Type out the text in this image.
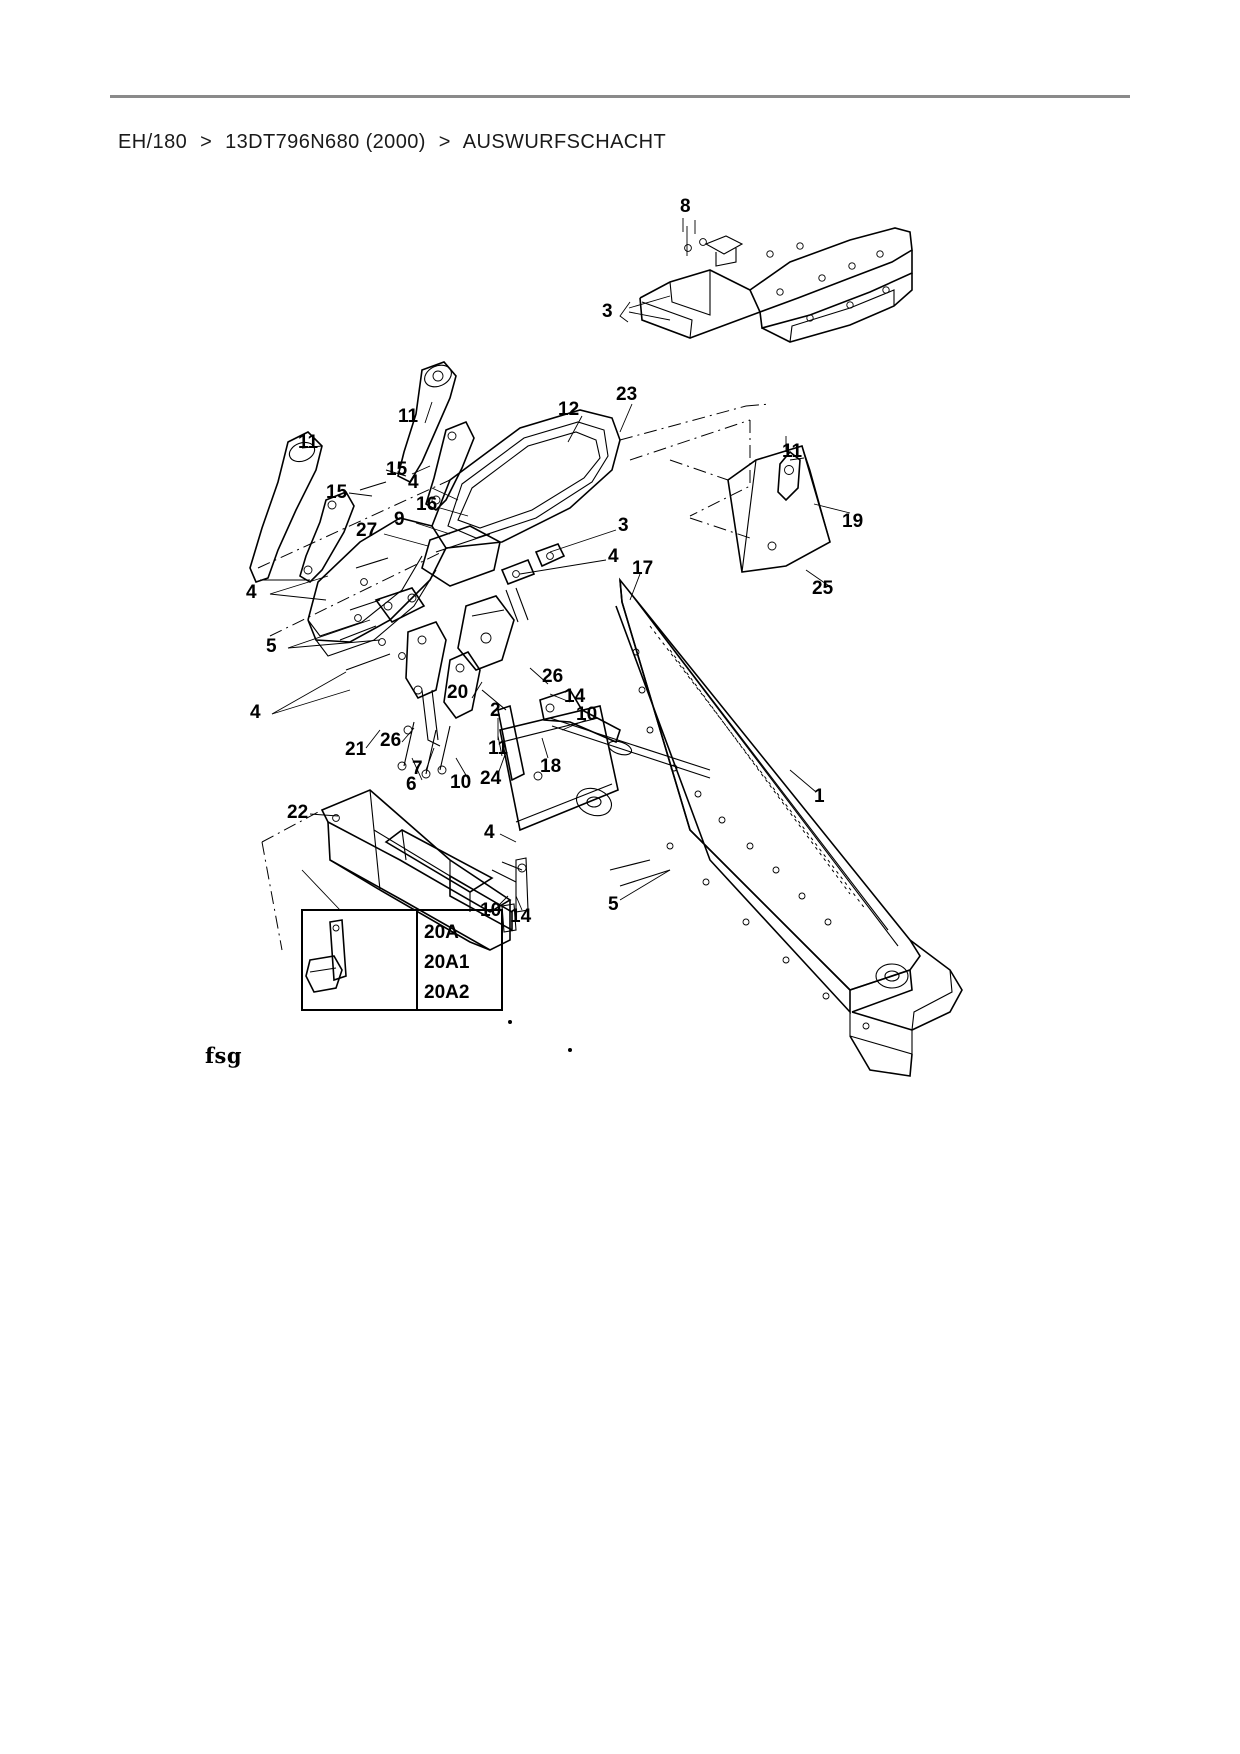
EH/180 > 13DT796N680 (2000) > AUSWURFSCHACHT
8
3
11	12
23
11	11
15
15
19
16
4
9
27	3
4
25
17
4
5
4
26
14
20
2	10
21 26
7
6 10
11
24
18
1
22
4
10 14
5
20A
20A1
20A2
fsg
